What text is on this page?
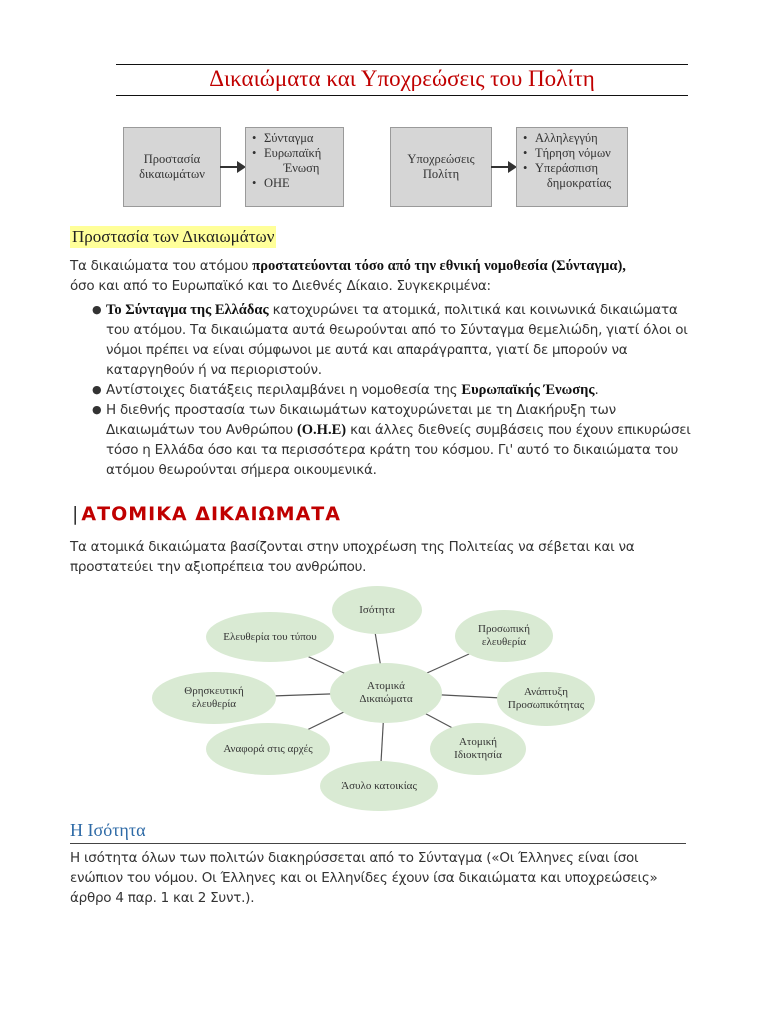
Δικαιώματα και Υποχρεώσεις του Πολίτη
Προστασία
δικαιωμάτων
• Σύνταγμα
• Ευρωπαϊκή
Ένωση
• ΟΗΕ
Υποχρεώσεις
Πολίτη
• Αλληλεγγύη
• Τήρηση νόμων
• Υπεράσπιση
δημοκρατίας
Προστασία των Δικαιωμάτων
Τα δικαιώματα του ατόμου προστατεύονται τόσο από την εθνική νομοθεσία (Σύνταγμα),
όσο και από το Ευρωπαϊκό και το Διεθνές Δίκαιο. Συγκεκριμένα:
● Το Σύνταγμα της Ελλάδας κατοχυρώνει τα ατομικά, πολιτικά και κοινωνικά δικαιώματα του ατόμου. Τα δικαιώματα αυτά θεωρούνται από το Σύνταγμα θεμελιώδη, γιατί όλοι οι νόμοι πρέπει να είναι σύμφωνοι με αυτά και απαράγραπτα, γιατί δε μπορούν να καταργηθούν ή να περιοριστούν.
● Αντίστοιχες διατάξεις περιλαμβάνει η νομοθεσία της Ευρωπαϊκής Ένωσης.
● Η διεθνής προστασία των δικαιωμάτων κατοχυρώνεται με τη Διακήρυξη των Δικαιωμάτων του Ανθρώπου (Ο.Η.Ε) και άλλες διεθνείς συμβάσεις που έχουν επικυρώσει τόσο η Ελλάδα όσο και τα περισσότερα κράτη του κόσμου. Γι' αυτό το δικαιώματα του ατόμου θεωρούνται σήμερα οικουμενικά.
| ΑΤΟΜΙΚΑ ΔΙΚΑΙΩΜΑΤΑ
Τα ατομικά δικαιώματα βασίζονται στην υποχρέωση της Πολιτείας να σέβεται και να προστατεύει την αξιοπρέπεια του ανθρώπου.
Ατομικά
Δικαιώματα
Ισότητα
Προσωπική
ελευθερία
Ανάπτυξη
Προσωπικότητας
Ατομική
Ιδιοκτησία
Άσυλο κατοικίας
Αναφορά στις αρχές
Θρησκευτική
ελευθερία
Ελευθερία του τύπου
Η Ισότητα
Η ισότητα όλων των πολιτών διακηρύσσεται από το Σύνταγμα («Οι Έλληνες είναι ίσοι ενώπιον του νόμου. Οι Έλληνες και οι Ελληνίδες έχουν ίσα δικαιώματα και υποχρεώσεις» άρθρο 4 παρ. 1 και 2 Συντ.).
